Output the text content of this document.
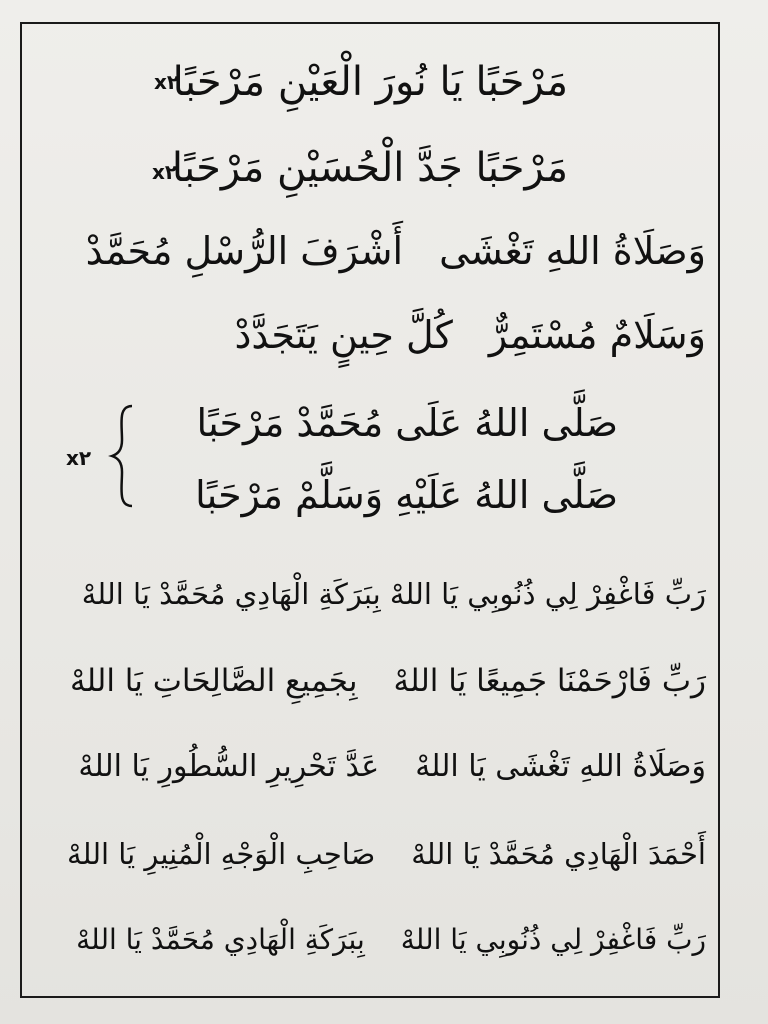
مَرْحَبًا يَا نُورَ الْعَيْنِ مَرْحَبًا
x٢
مَرْحَبًا جَدَّ الْحُسَيْنِ مَرْحَبًا
x٢
وَصَلَاةُ اللهِ تَغْشَىأَشْرَفَ الرُّسْلِ مُحَمَّدْ
وَسَلَامٌ مُسْتَمِرٌّكُلَّ حِينٍ يَتَجَدَّدْ
صَلَّى اللهُ عَلَى مُحَمَّدْ مَرْحَبًا
صَلَّى اللهُ عَلَيْهِ وَسَلَّمْ مَرْحَبًا
x٢
رَبِّ فَاغْفِرْ لِي ذُنُوبِي يَا اللهْ بِبَرَكَةِ الْهَادِي مُحَمَّدْ يَا اللهْ
رَبِّ فَارْحَمْنَا جَمِيعًا يَا اللهْبِجَمِيعِ الصَّالِحَاتِ يَا اللهْ
وَصَلَاةُ اللهِ تَغْشَى يَا اللهْعَدَّ تَحْرِيرِ السُّطُورِ يَا اللهْ
أَحْمَدَ الْهَادِي مُحَمَّدْ يَا اللهْصَاحِبِ الْوَجْهِ الْمُنِيرِ يَا اللهْ
رَبِّ فَاغْفِرْ لِي ذُنُوبِي يَا اللهْبِبَرَكَةِ الْهَادِي مُحَمَّدْ يَا اللهْ
